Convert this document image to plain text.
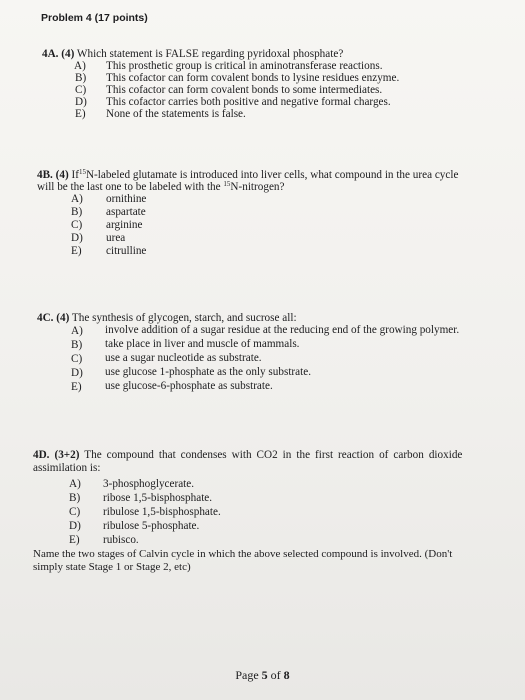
Problem 4 (17 points)
4A. (4) Which statement is FALSE regarding pyridoxal phosphate?
A) This prosthetic group is critical in aminotransferase reactions.
B) This cofactor can form covalent bonds to lysine residues enzyme.
C) This cofactor can form covalent bonds to some intermediates.
D) This cofactor carries both positive and negative formal charges.
E) None of the statements is false.
4B. (4) If$^{15}$N-labeled glutamate is introduced into liver cells, what compound in the urea cycle
will be the last one to be labeled with the $^{15}$N-nitrogen?
A) ornithine
B) aspartate
C) arginine
D) urea
E) citrulline
4C. (4) The synthesis of glycogen, starch, and sucrose all:
A) involve addition of a sugar residue at the reducing end of the growing polymer.
B) take place in liver and muscle of mammals.
C) use a sugar nucleotide as substrate.
D) use glucose 1-phosphate as the only substrate.
E) use glucose-6-phosphate as substrate.
4D. (3+2) The compound that condenses with CO2 in the first reaction of carbon dioxide
assimilation is:
A) 3-phosphoglycerate.
B) ribose 1,5-bisphosphate.
C) ribulose 1,5-bisphosphate.
D) ribulose 5-phosphate.
E) rubisco.
Name the two stages of Calvin cycle in which the above selected compound is involved. (Don't
simply state Stage 1 or Stage 2, etc)
Page 5 of 8
